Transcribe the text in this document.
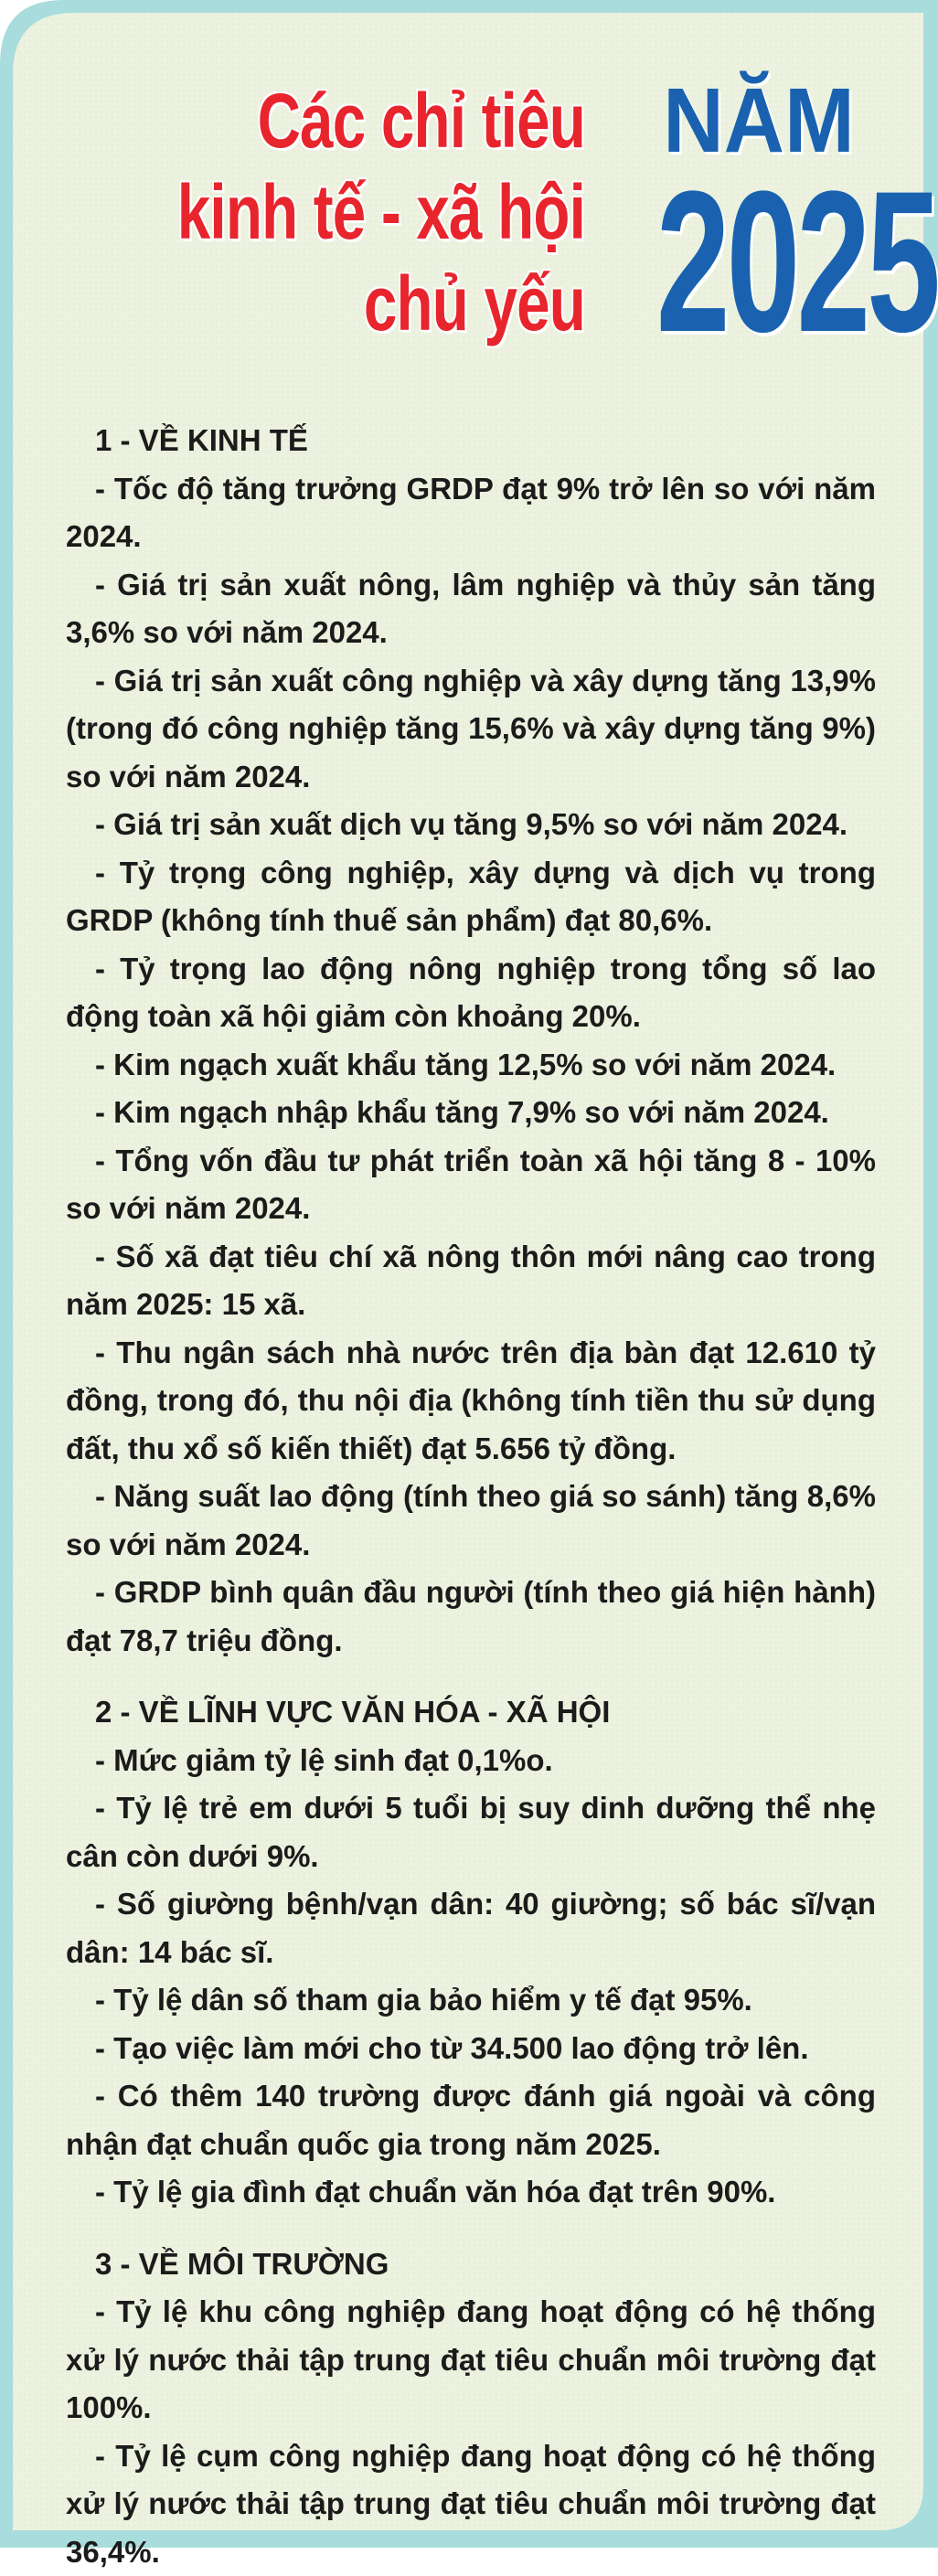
Các chỉ tiêu
kinh tế - xã hội
chủ yếu
NĂM
2025
1 - VỀ KINH TẾ
- Tốc độ tăng trưởng GRDP đạt 9% trở lên so với năm 2024.
- Giá trị sản xuất nông, lâm nghiệp và thủy sản tăng 3,6% so với năm 2024.
- Giá trị sản xuất công nghiệp và xây dựng tăng 13,9% (trong đó công nghiệp tăng 15,6% và xây dựng tăng 9%) so với năm 2024.
- Giá trị sản xuất dịch vụ tăng 9,5% so với năm 2024.
- Tỷ trọng công nghiệp, xây dựng và dịch vụ trong GRDP (không tính thuế sản phẩm) đạt 80,6%.
- Tỷ trọng lao động nông nghiệp trong tổng số lao động toàn xã hội giảm còn khoảng 20%.
- Kim ngạch xuất khẩu tăng 12,5% so với năm 2024.
- Kim ngạch nhập khẩu tăng 7,9% so với năm 2024.
- Tổng vốn đầu tư phát triển toàn xã hội tăng 8 - 10% so với năm 2024.
- Số xã đạt tiêu chí xã nông thôn mới nâng cao trong năm 2025: 15 xã.
- Thu ngân sách nhà nước trên địa bàn đạt 12.610 tỷ đồng, trong đó, thu nội địa (không tính tiền thu sử dụng đất, thu xổ số kiến thiết) đạt 5.656 tỷ đồng.
- Năng suất lao động (tính theo giá so sánh) tăng 8,6% so với năm 2024.
- GRDP bình quân đầu người (tính theo giá hiện hành) đạt 78,7 triệu đồng.
2 - VỀ LĨNH VỰC VĂN HÓA - XÃ HỘI
- Mức giảm tỷ lệ sinh đạt 0,1%o.
- Tỷ lệ trẻ em dưới 5 tuổi bị suy dinh dưỡng thể nhẹ cân còn dưới 9%.
- Số giường bệnh/vạn dân: 40 giường; số bác sĩ/vạn dân: 14 bác sĩ.
- Tỷ lệ dân số tham gia bảo hiểm y tế đạt 95%.
- Tạo việc làm mới cho từ 34.500 lao động trở lên.
- Có thêm 140 trường được đánh giá ngoài và công nhận đạt chuẩn quốc gia trong năm 2025.
- Tỷ lệ gia đình đạt chuẩn văn hóa đạt trên 90%.
3 - VỀ MÔI TRƯỜNG
- Tỷ lệ khu công nghiệp đang hoạt động có hệ thống xử lý nước thải tập trung đạt tiêu chuẩn môi trường đạt 100%.
- Tỷ lệ cụm công nghiệp đang hoạt động có hệ thống xử lý nước thải tập trung đạt tiêu chuẩn môi trường đạt 36,4%.
